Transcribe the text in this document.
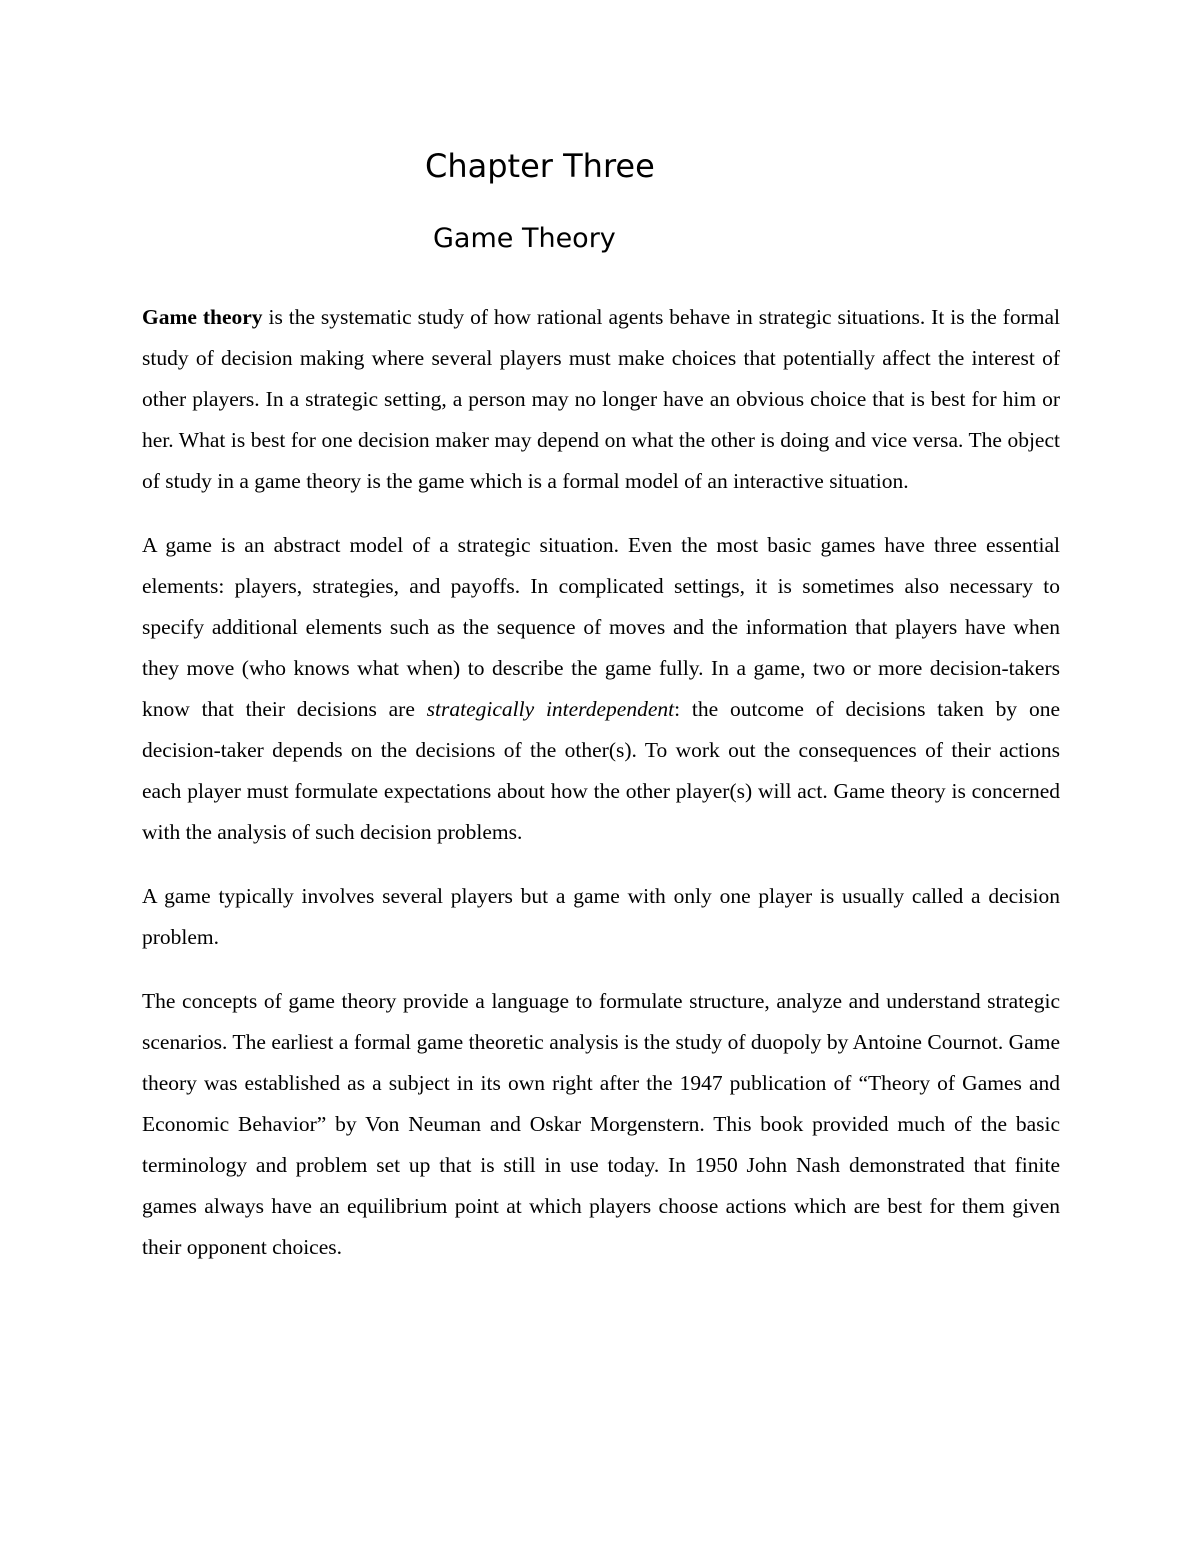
Chapter Three
Game Theory

Game theory is the systematic study of how rational agents behave in strategic situations. It is the formal study of decision making where several players must make choices that potentially affect the interest of other players. In a strategic setting, a person may no longer have an obvious choice that is best for him or her. What is best for one decision maker may depend on what the other is doing and vice versa. The object of study in a game theory is the game which is a formal model of an interactive situation.

A game is an abstract model of a strategic situation. Even the most basic games have three essential elements: players, strategies, and payoffs. In complicated settings, it is sometimes also necessary to specify additional elements such as the sequence of moves and the information that players have when they move (who knows what when) to describe the game fully. In a game, two or more decision-takers know that their decisions are strategically interdependent: the outcome of decisions taken by one decision-taker depends on the decisions of the other(s). To work out the consequences of their actions each player must formulate expectations about how the other player(s) will act. Game theory is concerned with the analysis of such decision problems.

A game typically involves several players but a game with only one player is usually called a decision problem.

The concepts of game theory provide a language to formulate structure, analyze and understand strategic scenarios. The earliest a formal game theoretic analysis is the study of duopoly by Antoine Cournot. Game theory was established as a subject in its own right after the 1947 publication of “Theory of Games and Economic Behavior” by Von Neuman and Oskar Morgenstern. This book provided much of the basic terminology and problem set up that is still in use today. In 1950 John Nash demonstrated that finite games always have an equilibrium point at which players choose actions which are best for them given their opponent choices.
